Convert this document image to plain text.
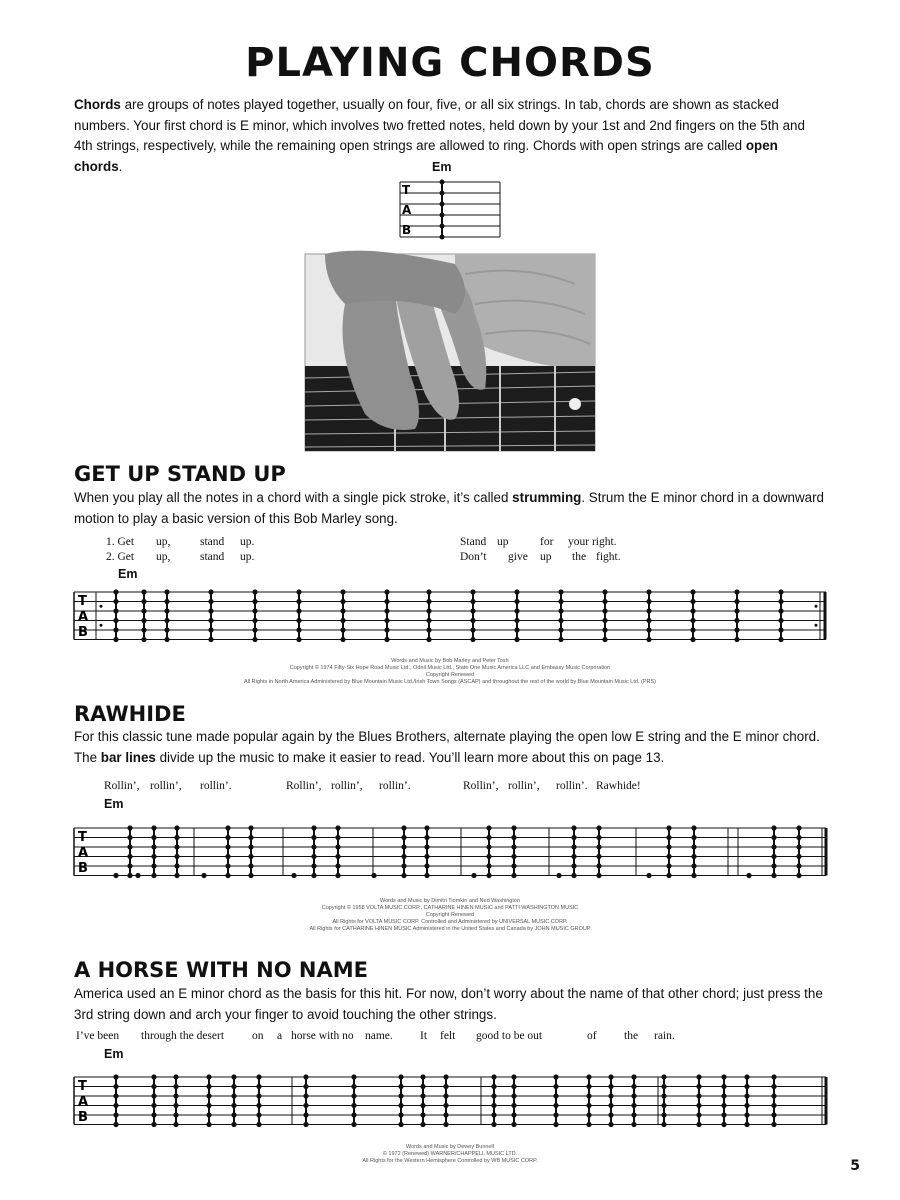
PLAYING CHORDS
Chords are groups of notes played together, usually on four, five, or all six strings. In tab, chords are shown as stacked numbers. Your first chord is E minor, which involves two fretted notes, held down by your 1st and 2nd fingers on the 5th and 4th strings, respectively, while the remaining open strings are allowed to ring. Chords with open strings are called open chords.	Em
T
A
B
GET UP STAND UP
When you play all the notes in a chord with a single pick stroke, it’s called strumming. Strum the E minor chord in a downward motion to play a basic version of this Bob Marley song.
1. Get up,	stand up.	Stand up	for your right.
2. Get up,	stand up.	Don’t give up the fight.
Em
T
A
B
Words and Music by Bob Marley and Peter Tosh
Copyright © 1974 Fifty-Six Hope Road Music Ltd., Odnil Music Ltd., State One Music America LLC and Embassy Music Corporation
Copyright Renewed
All Rights in North America Administered by Blue Mountain Music Ltd./Irish Town Songs (ASCAP) and throughout the rest of the world by Blue Mountain Music Ltd. (PRS)
RAWHIDE
For this classic tune made popular again by the Blues Brothers, alternate playing the open low E string and the E minor chord. The bar lines divide up the music to make it easier to read. You’ll learn more about this on page 13.
Rollin’, rollin’, rollin’.	Rollin’, rollin’, rollin’.	Rollin’, rollin’, rollin’. Rawhide!
Em
T
A
B
Words and Music by Dimitri Tiomkin and Ned Washington
Copyright © 1958 VOLTA MUSIC CORP., CATHARINE HINEN MUSIC and PATTI WASHINGTON MUSIC
Copyright Renewed
All Rights for VOLTA MUSIC CORP. Controlled and Administered by UNIVERSAL MUSIC CORP.
All Rights for CATHARINE HINEN MUSIC Administered in the United States and Canada by JOHN MUSIC GROUP
A HORSE WITH NO NAME
America used an E minor chord as the basis for this hit. For now, don’t worry about the name of that other chord; just press the 3rd string down and arch your finger to avoid touching the other strings.
I’ve been through the desert on a horse with no name. It felt good to be out	of the rain.
Em
T
A
B
Words and Music by Dewey Bunnell
© 1972 (Renewed) WARNER/CHAPPELL MUSIC LTD.
All Rights for the Western Hemisphere Controlled by WB MUSIC CORP.	5
